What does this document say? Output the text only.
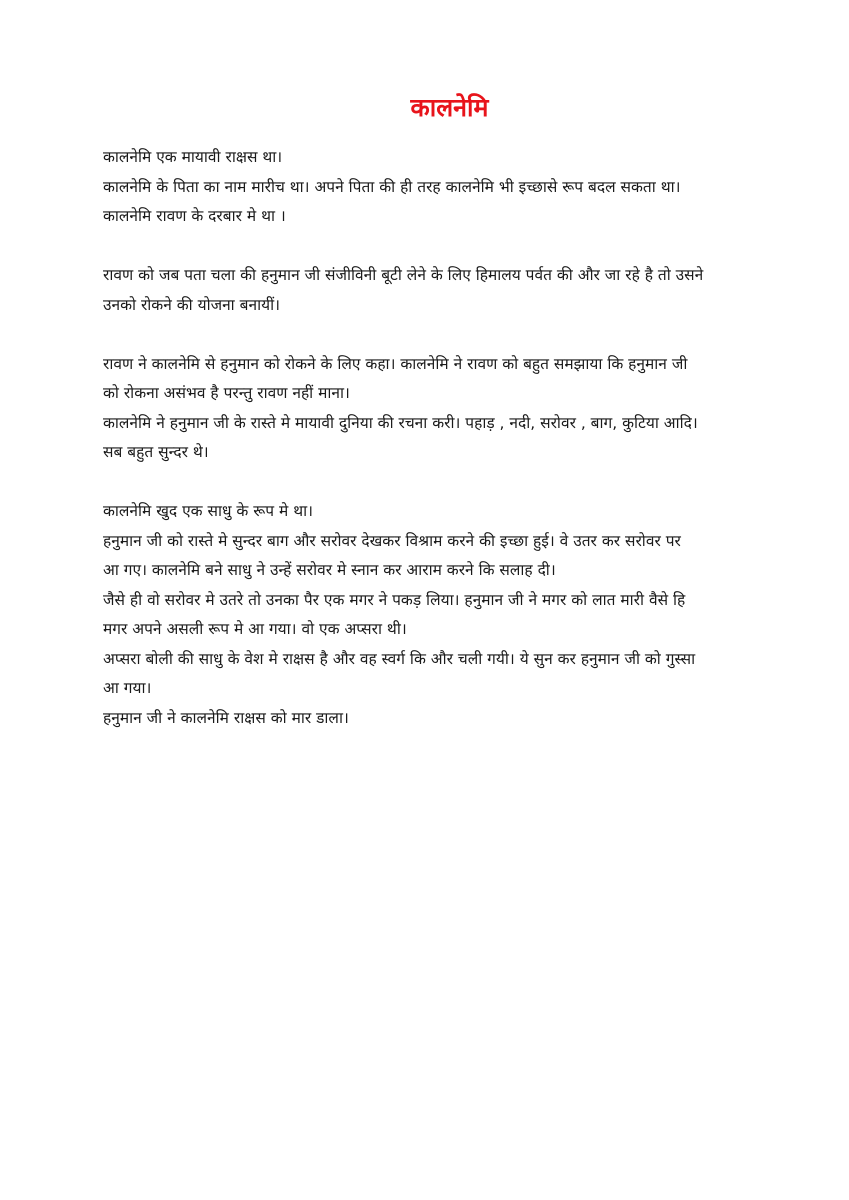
कालनेमि

कालनेमि एक मायावी राक्षस था।

कालनेमि के पिता का नाम मारीच था। अपने पिता की ही तरह कालनेमि भी इच्छासे रूप बदल सकता था।

कालनेमि रावण के दरबार मे था ।

रावण को जब पता चला की हनुमान जी संजीविनी बूटी लेने के लिए हिमालय पर्वत की और जा रहे है तो उसने

उनको रोकने की योजना बनायीं।

रावण ने कालनेमि से हनुमान को रोकने के लिए कहा। कालनेमि ने रावण को बहुत समझाया कि हनुमान जी

को रोकना असंभव है परन्तु रावण नहीं माना।

कालनेमि ने हनुमान जी के रास्ते मे मायावी दुनिया की रचना करी। पहाड़ , नदी, सरोवर , बाग, कुटिया आदि।

सब बहुत सुन्दर थे।

कालनेमि खुद एक साधु के रूप मे था।

हनुमान जी को रास्ते मे सुन्दर बाग और सरोवर देखकर विश्राम करने की इच्छा हुई। वे उतर कर सरोवर पर

आ गए। कालनेमि बने साधु ने उन्हें सरोवर मे स्नान कर आराम करने कि सलाह दी।

जैसे ही वो सरोवर मे उतरे तो उनका पैर एक मगर ने पकड़ लिया। हनुमान जी ने मगर को लात मारी वैसे हि

मगर अपने असली रूप मे आ गया। वो एक अप्सरा थी।

अप्सरा बोली की साधु के वेश मे राक्षस है और वह स्वर्ग कि और चली गयी। ये सुन कर हनुमान जी को गुस्सा

आ गया।

हनुमान जी ने कालनेमि राक्षस को मार डाला।
